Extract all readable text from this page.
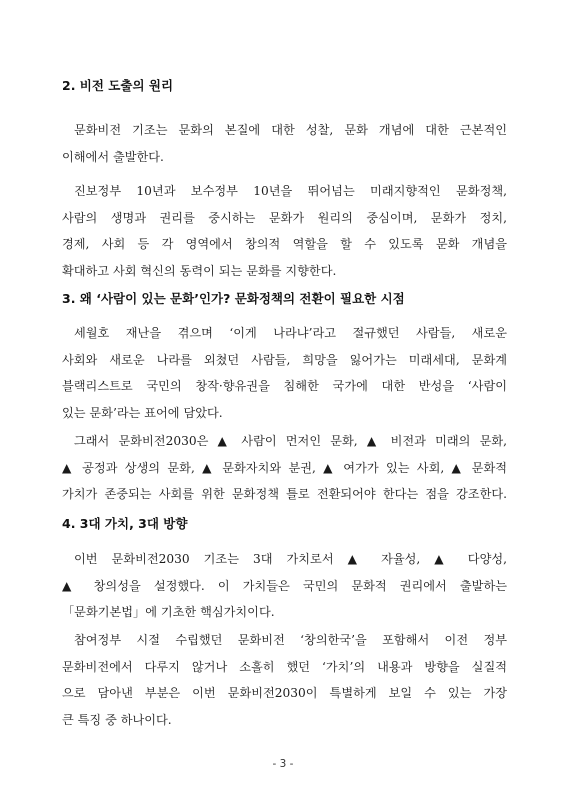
2. 비전 도출의 원리
문화비전 기조는 문화의 본질에 대한 성찰, 문화 개념에 대한 근본적인
이해에서 출발한다.
진보정부 10년과 보수정부 10년을 뛰어넘는 미래지향적인 문화정책,
사람의 생명과 권리를 중시하는 문화가 원리의 중심이며, 문화가 정치,
경제, 사회 등 각 영역에서 창의적 역할을 할 수 있도록 문화 개념을
확대하고 사회 혁신의 동력이 되는 문화를 지향한다.
3. 왜 ‘사람이 있는 문화’인가? 문화정책의 전환이 필요한 시점
세월호 재난을 겪으며 ‘이게 나라냐’라고 절규했던 사람들, 새로운
사회와 새로운 나라를 외쳤던 사람들, 희망을 잃어가는 미래세대, 문화계
블랙리스트로 국민의 창작·향유권을 침해한 국가에 대한 반성을 ‘사람이
있는 문화’라는 표어에 담았다.
그래서 문화비전2030은 ▲ 사람이 먼저인 문화, ▲ 비전과 미래의 문화,
▲ 공정과 상생의 문화, ▲ 문화자치와 분권, ▲ 여가가 있는 사회, ▲ 문화적
가치가 존중되는 사회를 위한 문화정책 틀로 전환되어야 한다는 점을 강조한다.
4. 3대 가치, 3대 방향
이번 문화비전2030 기조는 3대 가치로서 ▲ 자율성, ▲ 다양성,
▲ 창의성을 설정했다. 이 가치들은 국민의 문화적 권리에서 출발하는
「문화기본법」에 기초한 핵심가치이다.
참여정부 시절 수립했던 문화비전 ‘창의한국’을 포함해서 이전 정부
문화비전에서 다루지 않거나 소홀히 했던 ‘가치’의 내용과 방향을 실질적
으로 담아낸 부분은 이번 문화비전2030이 특별하게 보일 수 있는 가장
큰 특징 중 하나이다.
- 3 -
